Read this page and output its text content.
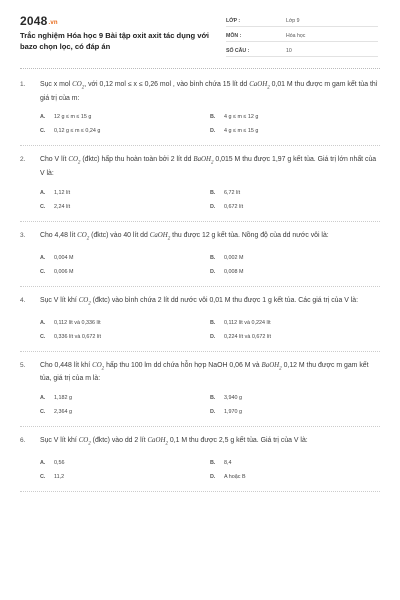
2048.vn
Trắc nghiệm Hóa học 9 Bài tập oxit axit tác dụng với bazo chọn lọc, có đáp án
LỚP :	Lớp 9
MÔN :	Hóa học
SỐ CÂU :	10
1. Sục x mol $CO_2$, với 0,12 mol ≤ x ≤ 0,26 mol , vào bình chứa 15 lít dd CaOH$_2$ 0,01 M thu được m gam kết tủa thì giá trị của m:
A. 12 g ≤ m ≤ 15 g	B. 4 g ≤ m ≤ 12 g
C. 0,12 g ≤ m ≤ 0,24 g	D. 4 g ≤ m ≤ 15 g
2. Cho V lít $CO_2$ (đktc) hấp thu hoàn toàn bởi 2 lít dd BaOH$_2$ 0,015 M thu được 1,97 g kết tủa. Giá trị lớn nhất của V là:
A. 1,12 lít	B. 6,72 lít
C. 2,24 lít	D. 0,672 lít
3. Cho 4,48 lít $CO_2$ (đktc) vào 40 lít dd CaOH$_2$ thu được 12 g kết tủa. Nồng độ của dd nước vôi là:
A. 0,004 M	B. 0,002 M
C. 0,006 M	D. 0,008 M
4. Sục V lít khí $CO_2$ (đktc) vào bình chứa 2 lít dd nước vôi 0,01 M thu được 1 g kết tủa. Các giá trị của V là:
A. 0,112 lít và 0,336 lít	B. 0,112 lít và 0,224 lít
C. 0,336 lít và 0,672 lít	D. 0,224 lít và 0,672 lít
5. Cho 0,448 lít khí $CO_2$ hấp thu 100 lm dd chứa hỗn hợp NaOH 0,06 M và BaOH$_2$ 0,12 M thu được m gam kết tủa, giá trị của m là:
A. 1,182 g	B. 3,940 g
C. 2,364 g	D. 1,970 g
6. Sục V lít khí $CO_2$ (đktc) vào dd 2 lít CaOH$_2$ 0,1 M thu được 2,5 g kết tủa. Giá trị của V là:
A. 0,56	B. 8,4
C. 11,2	D. A hoặc B
